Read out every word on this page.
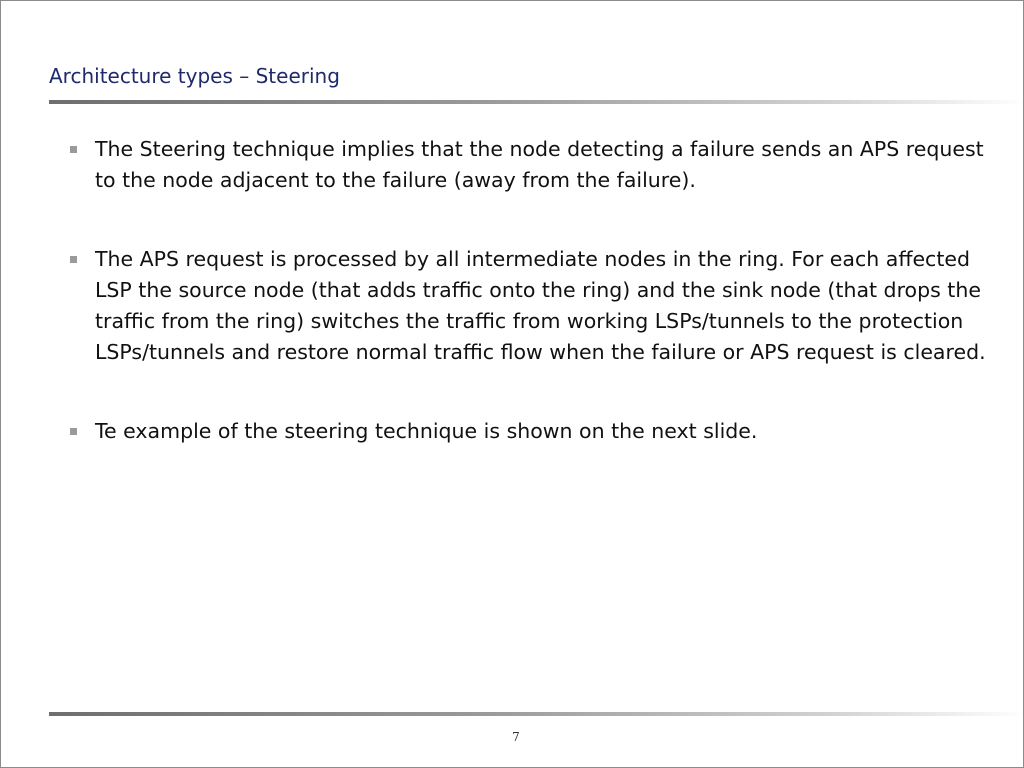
Architecture types – Steering
The Steering technique implies that the node detecting a failure sends an APS request to the node adjacent to the failure (away from the failure).
The APS request is processed by all intermediate nodes in the ring. For each affected LSP the source node (that adds traffic onto the ring) and the sink node (that drops the traffic from the ring) switches the traffic from working LSPs/tunnels to the protection LSPs/tunnels and restore normal traffic flow when the failure or APS request is cleared.
Te example of the steering technique is shown on the next slide.
7
